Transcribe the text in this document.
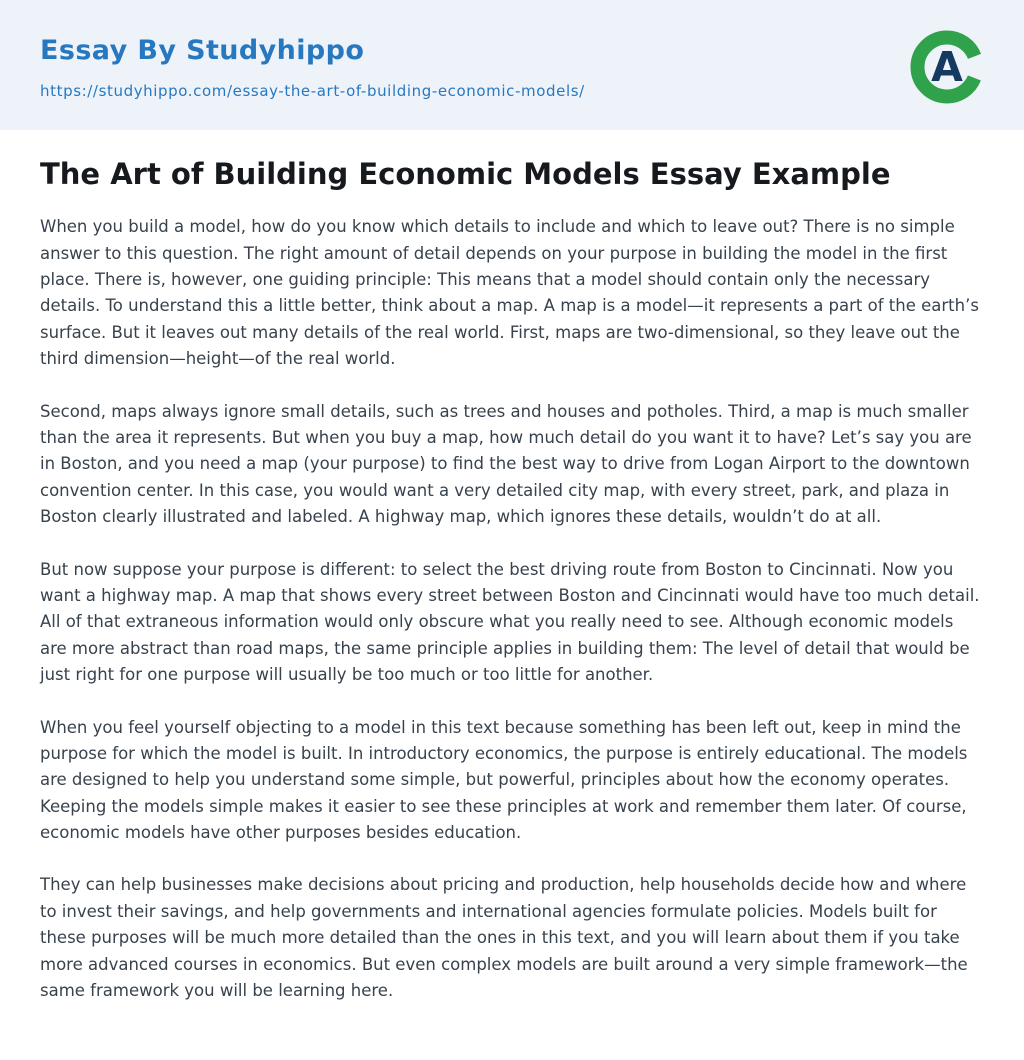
Essay By Studyhippo
https://studyhippo.com/essay-the-art-of-building-economic-models/	A
The Art of Building Economic Models Essay Example

When you build a model, how do you know which details to include and which to leave out? There is no simple answer to this question. The right amount of detail depends on your purpose in building the model in the first place. There is, however, one guiding principle: This means that a model should contain only the necessary details. To understand this a little better, think about a map. A map is a model—it represents a part of the earth’s surface. But it leaves out many details of the real world. First, maps are two-dimensional, so they leave out the third dimension—height—of the real world.

Second, maps always ignore small details, such as trees and houses and potholes. Third, a map is much smaller than the area it represents. But when you buy a map, how much detail do you want it to have? Let’s say you are in Boston, and you need a map (your purpose) to find the best way to drive from Logan Airport to the downtown convention center. In this case, you would want a very detailed city map, with every street, park, and plaza in Boston clearly illustrated and labeled. A highway map, which ignores these details, wouldn’t do at all.

But now suppose your purpose is different: to select the best driving route from Boston to Cincinnati. Now you want a highway map. A map that shows every street between Boston and Cincinnati would have too much detail. All of that extraneous information would only obscure what you really need to see. Although economic models are more abstract than road maps, the same principle applies in building them: The level of detail that would be just right for one purpose will usually be too much or too little for another.

When you feel yourself objecting to a model in this text because something has been left out, keep in mind the purpose for which the model is built. In introductory economics, the purpose is entirely educational. The models are designed to help you understand some simple, but powerful, principles about how the economy operates. Keeping the models simple makes it easier to see these principles at work and remember them later. Of course, economic models have other purposes besides education.

They can help businesses make decisions about pricing and production, help households decide how and where to invest their savings, and help governments and international agencies formulate policies. Models built for these purposes will be much more detailed than the ones in this text, and you will learn about them if you take more advanced courses in economics. But even complex models are built around a very simple framework—the same framework you will be learning here.
